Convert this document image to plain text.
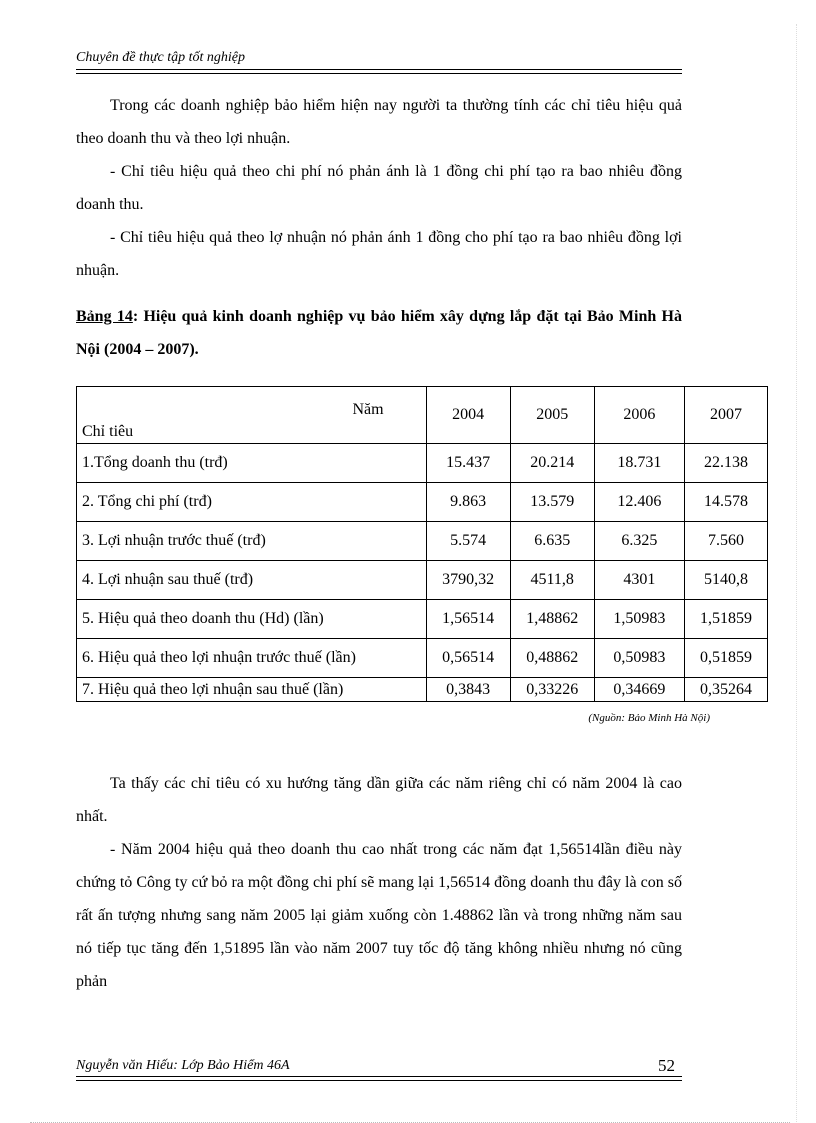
Chuyên đề thực tập tốt nghiệp

Trong các doanh nghiệp bảo hiểm hiện nay người ta thường tính các chỉ tiêu hiệu quả theo doanh thu và theo lợi nhuận.

- Chỉ tiêu hiệu quả theo chi phí nó phản ánh là 1 đồng chi phí tạo ra bao nhiêu đồng doanh thu.

- Chỉ tiêu hiệu quả theo lợ nhuận nó phản ánh 1 đồng cho phí tạo ra bao nhiêu đồng lợi nhuận.

Bảng 14: Hiệu quả kinh doanh nghiệp vụ bảo hiểm xây dựng lắp đặt tại Bảo Minh Hà Nội (2004 – 2007).

Năm
Chỉ tiêu	2004	2005	2006	2007
1.Tổng doanh thu (trđ)	15.437	20.214	18.731	22.138
2. Tổng chi phí (trđ)	9.863	13.579	12.406	14.578
3. Lợi nhuận trước thuế (trđ)	5.574	6.635	6.325	7.560
4. Lợi nhuận sau thuế (trđ)	3790,32	4511,8	4301	5140,8
5. Hiệu quả theo doanh thu (Hd) (lần)	1,56514	1,48862	1,50983	1,51859
6. Hiệu quả theo lợi nhuận trước thuế (lần)	0,56514	0,48862	0,50983	0,51859
7. Hiệu quả theo lợi nhuận sau thuế (lần)	0,3843	0,33226	0,34669	0,35264
(Nguồn: Bảo Minh Hà Nội)

Ta thấy các chỉ tiêu có xu hướng tăng dần giữa các năm riêng chỉ có năm 2004 là cao nhất.

- Năm 2004 hiệu quả theo doanh thu cao nhất trong các năm đạt 1,56514lần điều này chứng tỏ Công ty cứ bỏ ra một đồng chi phí sẽ mang lại 1,56514 đồng doanh thu đây là con số rất ấn tượng nhưng sang năm 2005 lại giảm xuống còn 1.48862 lần và trong những năm sau nó tiếp tục tăng đến 1,51895 lần vào năm 2007 tuy tốc độ tăng không nhiều nhưng nó cũng phản

Nguyễn văn Hiếu: Lớp Bảo Hiểm 46A	52
